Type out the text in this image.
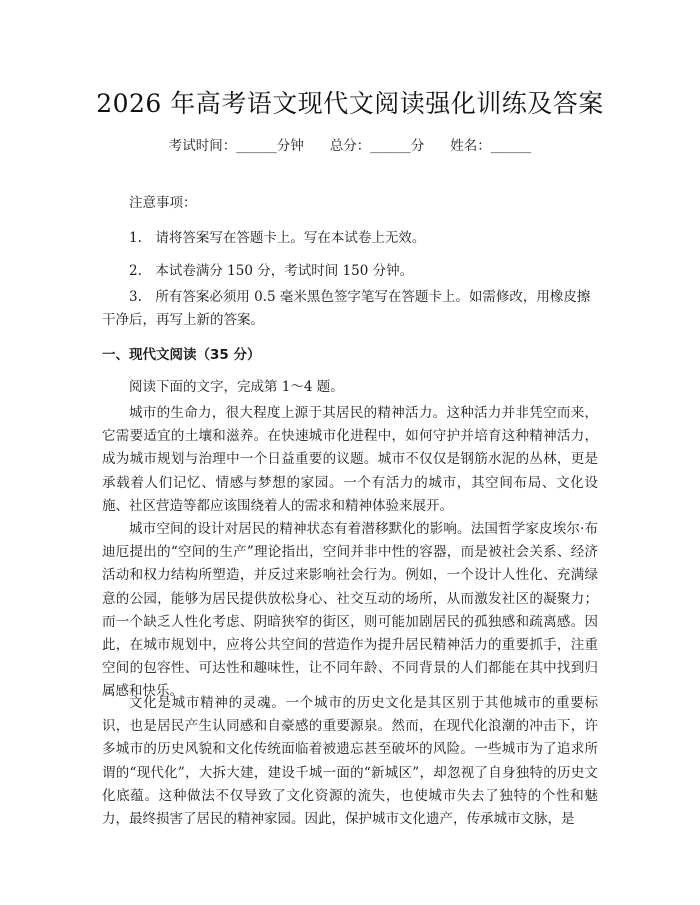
2026 年高考语文现代文阅读强化训练及答案
考试时间：______分钟 总分：______分 姓名：______
注意事项：
1.　请将答案写在答题卡上。写在本试卷上无效。
2.　本试卷满分 150 分，考试时间 150 分钟。
3.　所有答案必须用 0.5 毫米黑色签字笔写在答题卡上。如需修改，用橡皮擦干净后，再写上新的答案。
一、现代文阅读（35 分）
阅读下面的文字，完成第 1～4 题。
城市的生命力，很大程度上源于其居民的精神活力。这种活力并非凭空而来，它需要适宜的土壤和滋养。在快速城市化进程中，如何守护并培育这种精神活力，成为城市规划与治理中一个日益重要的议题。城市不仅仅是钢筋水泥的丛林，更是承载着人们记忆、情感与梦想的家园。一个有活力的城市，其空间布局、文化设施、社区营造等都应该围绕着人的需求和精神体验来展开。
城市空间的设计对居民的精神状态有着潜移默化的影响。法国哲学家皮埃尔·布迪厄提出的“空间的生产”理论指出，空间并非中性的容器，而是被社会关系、经济活动和权力结构所塑造，并反过来影响社会行为。例如，一个设计人性化、充满绿意的公园，能够为居民提供放松身心、社交互动的场所，从而激发社区的凝聚力；而一个缺乏人性化考虑、阴暗狭窄的街区，则可能加剧居民的孤独感和疏离感。因此，在城市规划中，应将公共空间的营造作为提升居民精神活力的重要抓手，注重空间的包容性、可达性和趣味性，让不同年龄、不同背景的人们都能在其中找到归属感和快乐。
文化是城市精神的灵魂。一个城市的历史文化是其区别于其他城市的重要标识，也是居民产生认同感和自豪感的重要源泉。然而，在现代化浪潮的冲击下，许多城市的历史风貌和文化传统面临着被遗忘甚至破坏的风险。一些城市为了追求所谓的“现代化”，大拆大建，建设千城一面的“新城区”，却忽视了自身独特的历史文化底蕴。这种做法不仅导致了文化资源的流失，也使城市失去了独特的个性和魅力，最终损害了居民的精神家园。因此，保护城市文化遗产，传承城市文脉，是
